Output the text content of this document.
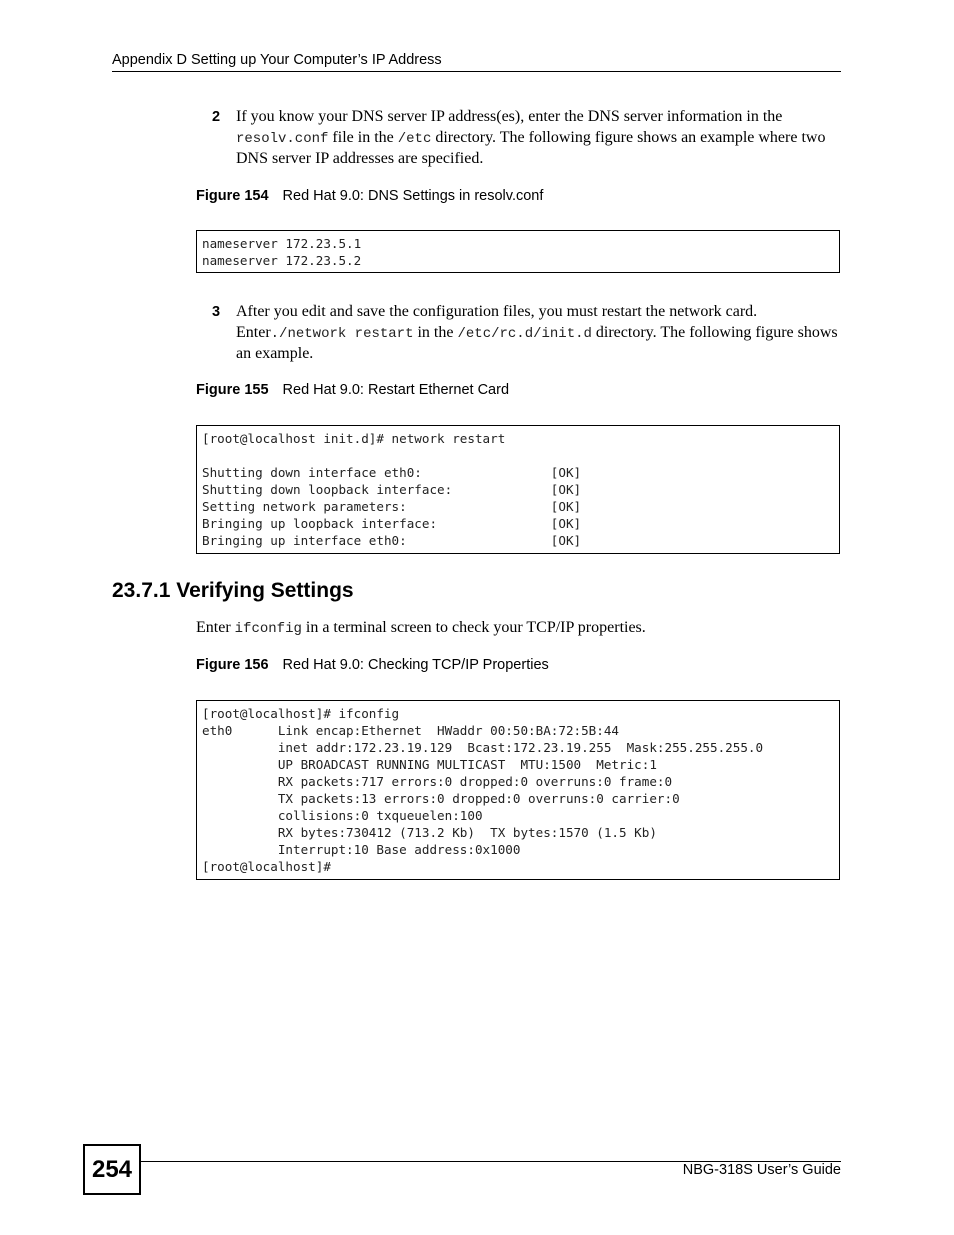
Appendix D Setting up Your Computer’s IP Address
2 If you know your DNS server IP address(es), enter the DNS server information in the resolv.conf file in the /etc directory. The following figure shows an example where two DNS server IP addresses are specified.
Figure 154 Red Hat 9.0: DNS Settings in resolv.conf
nameserver 172.23.5.1
nameserver 172.23.5.2
3 After you edit and save the configuration files, you must restart the network card. Enter./network restart in the /etc/rc.d/init.d directory. The following figure shows an example.
Figure 155 Red Hat 9.0: Restart Ethernet Card
[root@localhost init.d]# network restart
Shutting down interface eth0:                 [OK]
Shutting down loopback interface:             [OK]
Setting network parameters:                   [OK]
Bringing up loopback interface:               [OK]
Bringing up interface eth0:                   [OK]
23.7.1 Verifying Settings
Enter ifconfig in a terminal screen to check your TCP/IP properties.
Figure 156 Red Hat 9.0: Checking TCP/IP Properties
[root@localhost]# ifconfig
eth0      Link encap:Ethernet  HWaddr 00:50:BA:72:5B:44
inet addr:172.23.19.129  Bcast:172.23.19.255  Mask:255.255.255.0
UP BROADCAST RUNNING MULTICAST  MTU:1500  Metric:1
RX packets:717 errors:0 dropped:0 overruns:0 frame:0
TX packets:13 errors:0 dropped:0 overruns:0 carrier:0
collisions:0 txqueuelen:100
RX bytes:730412 (713.2 Kb)  TX bytes:1570 (1.5 Kb)
Interrupt:10 Base address:0x1000
[root@localhost]#
254	NBG-318S User’s Guide
